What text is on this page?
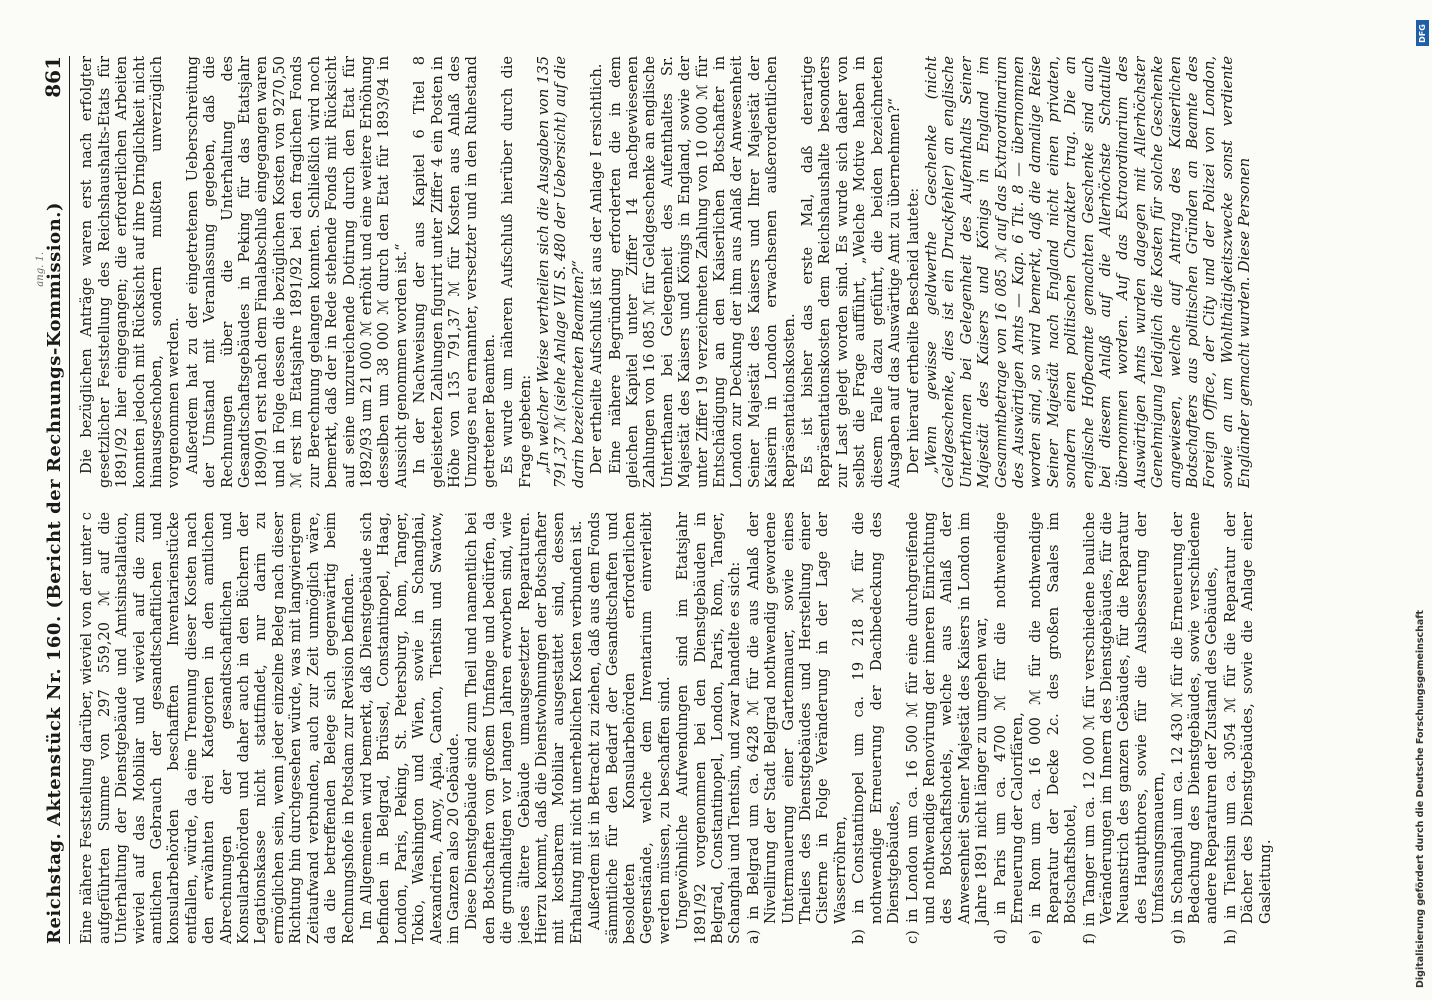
Reichstag. Aktenstück Nr. 160. (Bericht der Rechnungs-Kommission.)
861

Eine nähere Feststellung darüber, wieviel von der unter c aufgeführten Summe von 297 559,20 ℳ auf die Unterhaltung der Dienstgebäude und Amtsinstallation, wieviel auf das Mobiliar und wieviel auf die zum amtlichen Gebrauch der gesandtschaftlichen und konsularbehörden beschafften Inventarienstücke entfallen, würde, da eine Trennung dieser Kosten nach den erwähnten drei Kategorien in den amtlichen Abrechnungen der gesandtschaftlichen und Konsularbehörden und daher auch in den Büchern der Legationskasse nicht stattfindet, nur darin zu ermöglichen sein, wenn jeder einzelne Beleg nach dieser Richtung hin durchgesehen würde, was mit langwierigem Zeitaufwand verbunden, auch zur Zeit unmöglich wäre, da die betreffenden Belege sich gegenwärtig beim Rechnungshofe in Potsdam zur Revision befinden. Im Allgemeinen wird bemerkt, daß Dienstgebäude sich befinden in Belgrad, Brüssel, Constantinopel, Haag, London, Paris, Peking, St. Petersburg, Rom, Tanger, Tokio, Washington und Wien, sowie in Schanghai, Alexandrien, Amoy, Apia, Canton, Tientsin und Swatow, im Ganzen also 20 Gebäude. Diese Dienstgebäude sind zum Theil und namentlich bei den Botschaften von großem Umfange und bedürfen, da die grundhaltigen vor langen Jahren erworben sind, wie jedes ältere Gebäude umausgesetzter Reparaturen. Hierzu kommt, daß die Dienstwohnungen der Botschafter mit kostbarem Mobiliar ausgestattet sind, dessen Erhaltung mit nicht unerheblichen Kosten verbunden ist. Außerdem ist in Betracht zu ziehen, daß aus dem Fonds sämmtliche für den Bedarf der Gesandtschaften und besoldeten Konsularbehörden erforderlichen Gegenstände, welche dem Inventarium einverleibt werden müssen, zu beschaffen sind. Ungewöhnliche Aufwendungen sind im Etatsjahr 1891/92 vorgenommen bei den Dienstgebäuden in Belgrad, Constantinopel, London, Paris, Rom, Tanger, Schanghai und Tientsin, und zwar handelte es sich: a) in Belgrad um ca. 6428 ℳ für die aus Anlaß der Nivellirung der Stadt Belgrad nothwendig gewordene Untermauerung einer Gartenmauer, sowie eines Theiles des Dienstgebäudes und Herstellung einer Cisterne in Folge Veränderung in der Lage der Wasserröhren, b) in Constantinopel um ca. 19 218 ℳ für die nothwendige Erneuerung der Dachbedeckung des Dienstgebäudes, c) in London um ca. 16 500 ℳ für eine durchgreifende und nothwendige Renovirung der inneren Einrichtung des Botschaftshotels, welche aus Anlaß der Anwesenheit Seiner Majestät des Kaisers in London im Jahre 1891 nicht länger zu umgehen war, d) in Paris um ca. 4700 ℳ für die nothwendige Erneuerung der Calorifären, e) in Rom um ca. 16 000 ℳ für die nothwendige Reparatur der Decke 2c. des großen Saales im Botschaftshotel, f) in Tanger um ca. 12 000 ℳ für verschiedene bauliche Veränderungen im Innern des Dienstgebäudes, für die Neuanstrich des ganzen Gebäudes, für die Reparatur des Hauptthores, sowie für die Ausbesserung der Umfassungsmauern, g) in Schanghai um ca. 12 430 ℳ für die Erneuerung der Bedachung des Dienstgebäudes, sowie verschiedene andere Reparaturen der Zustand des Gebäudes, h) in Tientsin um ca. 3054 ℳ für die Reparatur der Dächer des Dienstgebäudes, sowie die Anlage einer Gasleitung.

Die bezüglichen Anträge waren erst nach erfolgter gesetzlicher Feststellung des Reichshaushalts-Etats für 1891/92 hier eingegangen; die erforderlichen Arbeiten konnten jedoch mit Rücksicht auf ihre Dringlichkeit nicht hinausgeschoben, sondern mußten unverzüglich vorgenommen werden. Außerdem hat zu der eingetretenen Ueberschreitung der Umstand mit Veranlassung gegeben, daß die Rechnungen über die Unterhaltung des Gesandtschaftsgebäudes in Peking für das Etatsjahr 1890/91 erst nach dem Finalabschluß eingegangen waren und in Folge dessen die bezüglichen Kosten von 9270,50 ℳ erst im Etatsjahre 1891/92 bei den fraglichen Fonds zur Berechnung gelangen konnten. Schließlich wird noch bemerkt, daß der in Rede stehende Fonds mit Rücksicht auf seine unzureichende Dotirung durch den Etat für 1892/93 um 21 000 ℳ erhöht und eine weitere Erhöhung desselben um 38 000 ℳ durch den Etat für 1893/94 in Aussicht genommen worden ist.“ In der Nachweisung der aus Kapitel 6 Titel 8 geleisteten Zahlungen figurirt unter Ziffer 4 ein Posten in Höhe von 135 791,37 ℳ für Kosten aus Anlaß des Umzuges neu ernannter, versetzter und in den Ruhestand getretener Beamten. Es wurde um näheren Aufschluß hierüber durch die Frage gebeten: „In welcher Weise vertheilen sich die Ausgaben von 135 791,37 ℳ (siehe Anlage VII S. 480 der Uebersicht) auf die darin bezeichneten Beamten?“ Der ertheilte Aufschluß ist aus der Anlage I ersichtlich. Eine nähere Begründung erforderten die in dem gleichen Kapitel unter Ziffer 14 nachgewiesenen Zahlungen von 16 085 ℳ für Geldgeschenke an englische Unterthanen bei Gelegenheit des Aufenthaltes Sr. Majestät des Kaisers und Königs in England, sowie der unter Ziffer 19 verzeichneten Zahlung von 10 000 ℳ für Entschädigung an den Kaiserlichen Botschafter in London zur Deckung der ihm aus Anlaß der Anwesenheit Seiner Majestät des Kaisers und Ihrer Majestät der Kaiserin in London erwachsenen außerordentlichen Repräsentationskosten. Es ist bisher das erste Mal, daß derartige Repräsentationskosten dem Reichshaushalte besonders zur Last gelegt worden sind. Es wurde sich daher von selbst die Frage aufführt, „Welche Motive haben in diesem Falle dazu geführt, die beiden bezeichneten Ausgaben auf das Auswärtige Amt zu übernehmen?“ Der hierauf ertheilte Bescheid lautete: „Wenn gewisse geldwerthe Geschenke (nicht Geldgeschenke, dies ist ein Druckfehler) an englische Unterthanen bei Gelegenheit des Aufenthalts Seiner Majestät des Kaisers und Königs in England im Gesammtbetrage von 16 085 ℳ auf das Extraordinarium des Auswärtigen Amts — Kap. 6 Tit. 8 — übernommen worden sind, so wird bemerkt, daß die damalige Reise Seiner Majestät nach England nicht einen privaten, sondern einen politischen Charakter trug. Die an englische Hofbeamte gemachten Geschenke sind auch bei diesem Anlaß auf die Allerhöchste Schatulle übernommen worden. Auf das Extraordinarium des Auswärtigen Amts wurden dagegen mit Allerhöchster Genehmigung lediglich die Kosten für solche Geschenke angewiesen, welche auf Antrag des Kaiserlichen Botschafters aus politischen Gründen an Beamte des Foreign Office, der City und der Polizei von London, sowie an um Wohlthätigkeitszwecke sonst verdiente Engländer gemacht wurden. Diese Personen

ang. 1.
DFG
Digitalisierung gefördert durch die Deutsche Forschungsgemeinschaft
